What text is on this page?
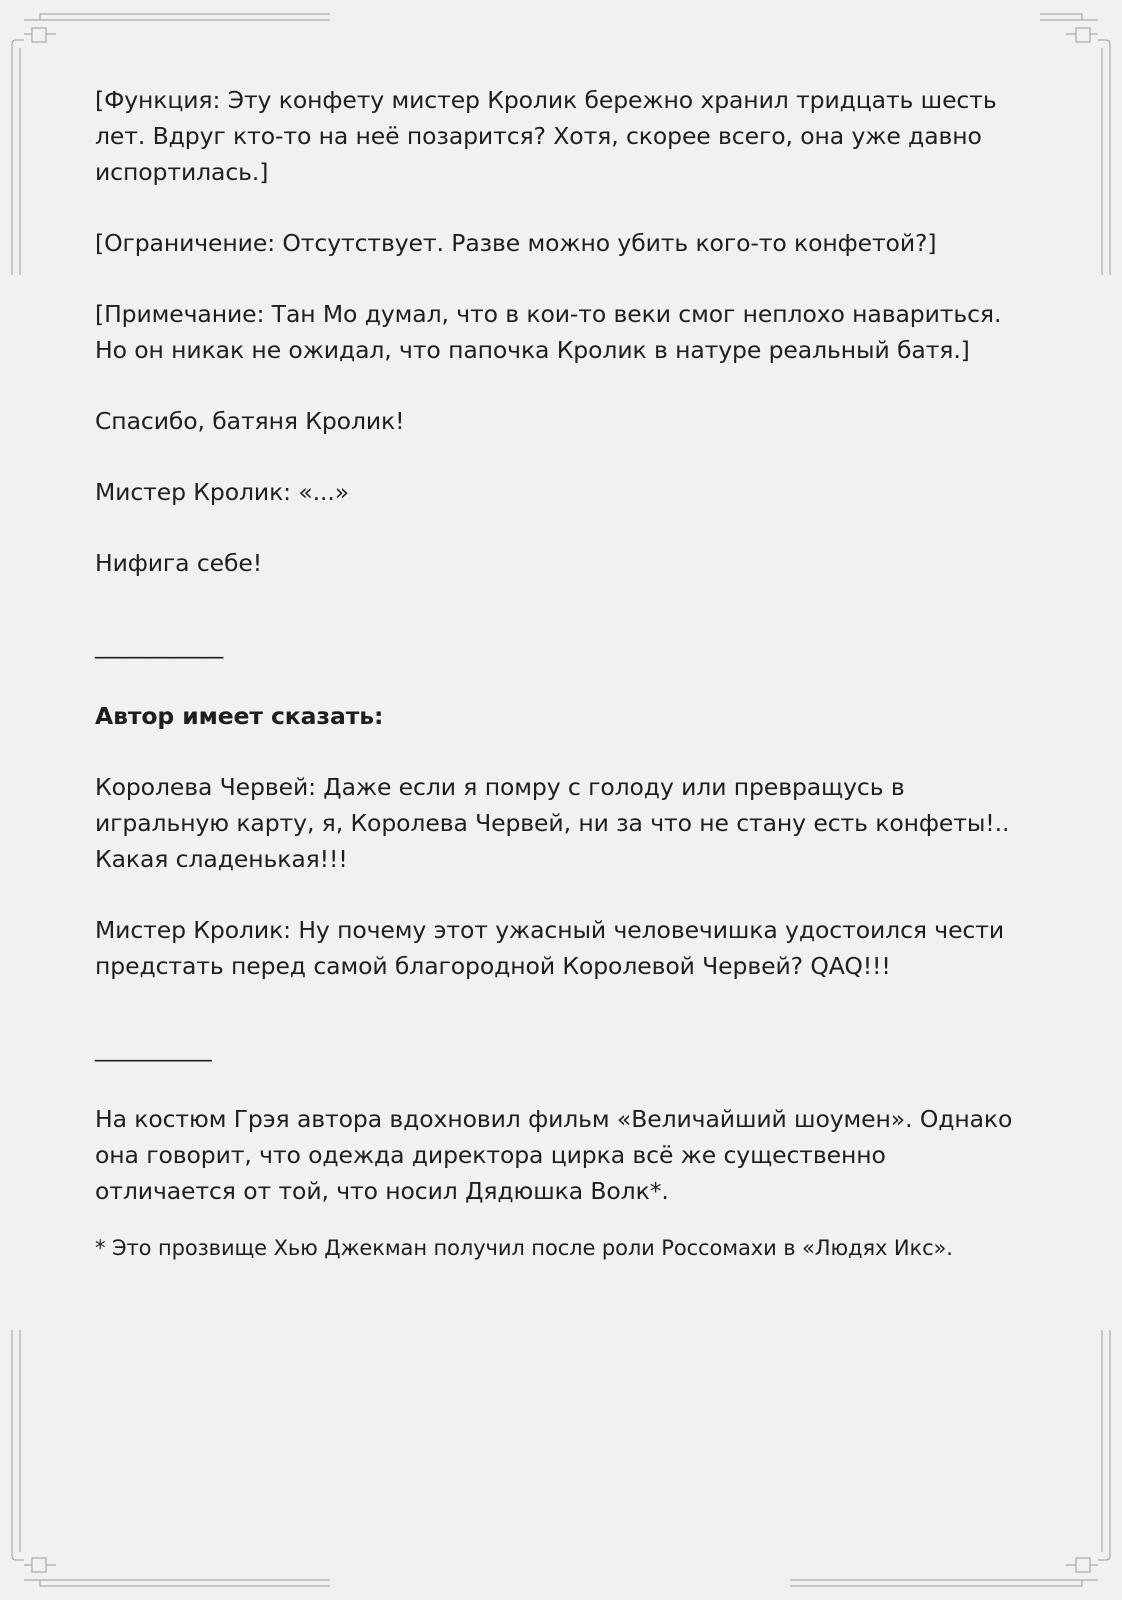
[Функция: Эту конфету мистер Кролик бережно хранил тридцать шесть лет. Вдруг кто-то на неё позарится? Хотя, скорее всего, она уже давно испортилась.]

[Ограничение: Отсутствует. Разве можно убить кого-то конфетой?]

[Примечание: Тан Мо думал, что в кои-то веки смог неплохо навариться. Но он никак не ожидал, что папочка Кролик в натуре реальный батя.]

Спасибо, батяня Кролик!

Мистер Кролик: «...»

Нифига себе!

___________

Автор имеет сказать:

Королева Червей: Даже если я помру с голоду или превращусь в игральную карту, я, Королева Червей, ни за что не стану есть конфеты!.. Какая сладенькая!!!

Мистер Кролик: Ну почему этот ужасный человечишка удостоился чести предстать перед самой благородной Королевой Червей? QAQ!!!

__________

На костюм Грэя автора вдохновил фильм «Величайший шоумен». Однако она говорит, что одежда директора цирка всё же существенно отличается от той, что носил Дядюшка Волк*.

* Это прозвище Хью Джекман получил после роли Россомахи в «Людях Икс».
